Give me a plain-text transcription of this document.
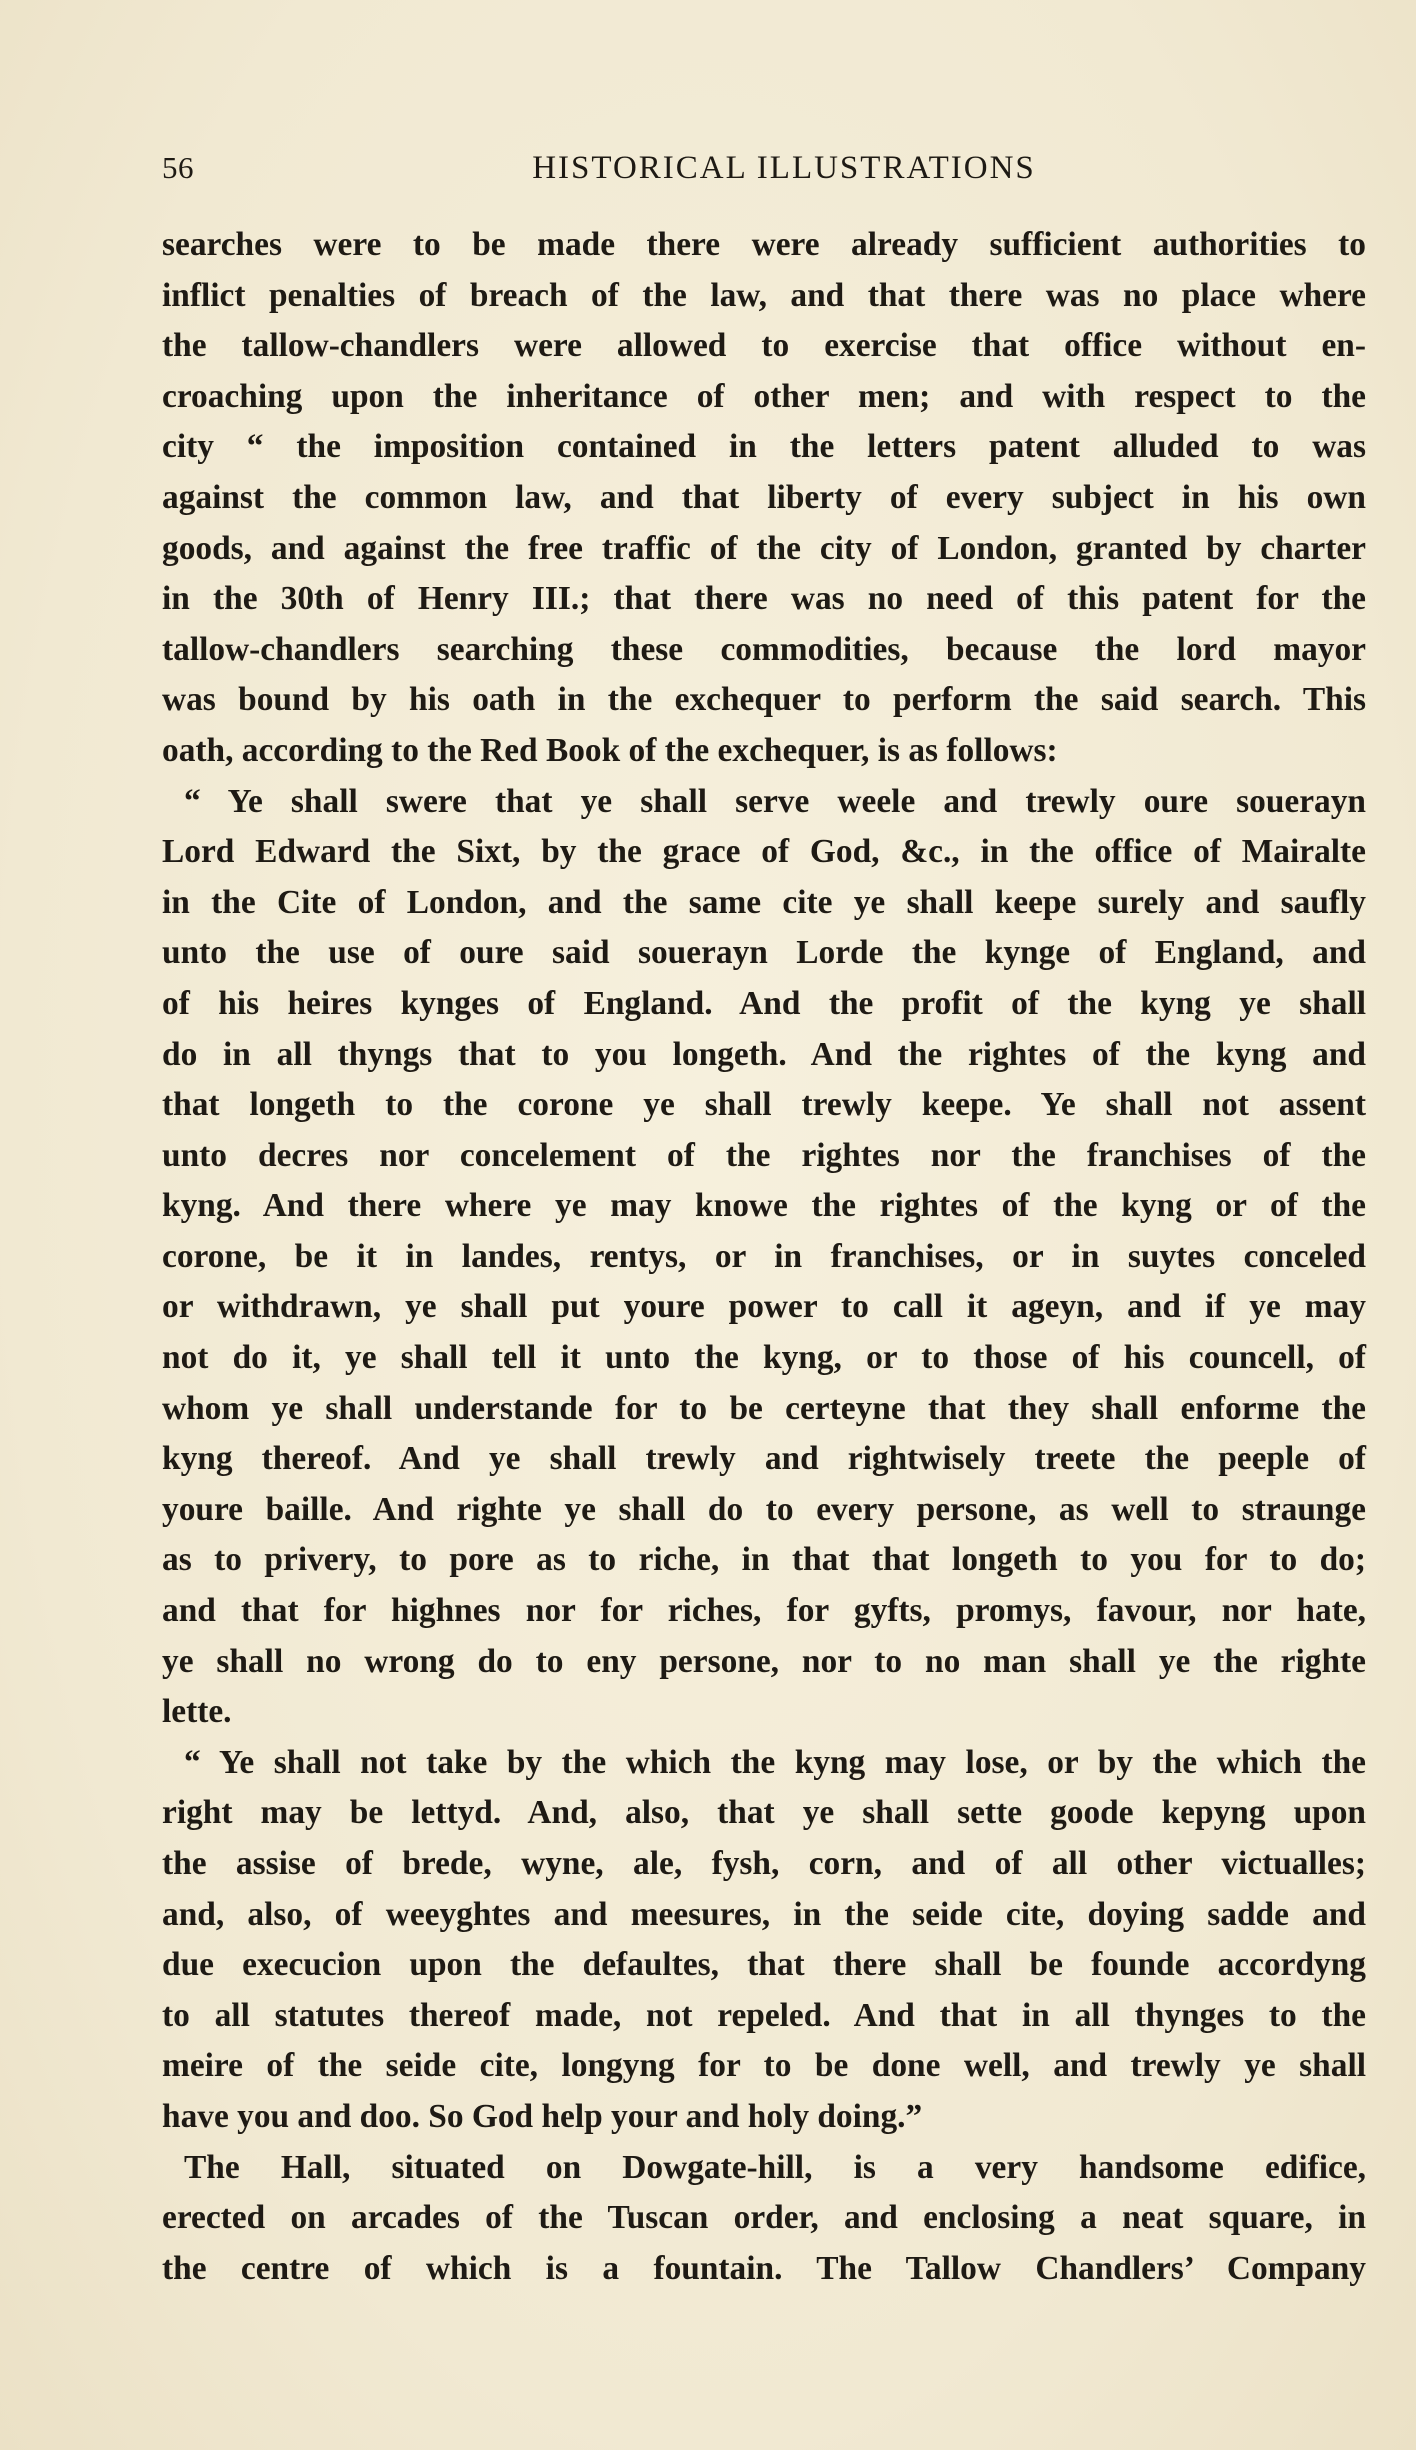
56	HISTORICAL ILLUSTRATIONS
searches were to be made there were already sufficient authorities to
inflict penalties of breach of the law, and that there was no place where
the tallow-chandlers were allowed to exercise that office without en-
croaching upon the inheritance of other men; and with respect to the
city “ the imposition contained in the letters patent alluded to was
against the common law, and that liberty of every subject in his own
goods, and against the free traffic of the city of London, granted by charter
in the 30th of Henry III.; that there was no need of this patent for the
tallow-chandlers searching these commodities, because the lord mayor
was bound by his oath in the exchequer to perform the said search. This
oath, according to the Red Book of the exchequer, is as follows:
“ Ye shall swere that ye shall serve weele and trewly oure souerayn
Lord Edward the Sixt, by the grace of God, &c., in the office of Mairalte
in the Cite of London, and the same cite ye shall keepe surely and saufly
unto the use of oure said souerayn Lorde the kynge of England, and
of his heires kynges of England. And the profit of the kyng ye shall
do in all thyngs that to you longeth. And the rightes of the kyng and
that longeth to the corone ye shall trewly keepe. Ye shall not assent
unto decres nor concelement of the rightes nor the franchises of the
kyng. And there where ye may knowe the rightes of the kyng or of the
corone, be it in landes, rentys, or in franchises, or in suytes conceled
or withdrawn, ye shall put youre power to call it ageyn, and if ye may
not do it, ye shall tell it unto the kyng, or to those of his councell, of
whom ye shall understande for to be certeyne that they shall enforme the
kyng thereof. And ye shall trewly and rightwisely treete the peeple of
youre baille. And righte ye shall do to every persone, as well to straunge
as to privery, to pore as to riche, in that that longeth to you for to do;
and that for highnes nor for riches, for gyfts, promys, favour, nor hate,
ye shall no wrong do to eny persone, nor to no man shall ye the righte
lette.
“ Ye shall not take by the which the kyng may lose, or by the which the
right may be lettyd. And, also, that ye shall sette goode kepyng upon
the assise of brede, wyne, ale, fysh, corn, and of all other victualles;
and, also, of weeyghtes and meesures, in the seide cite, doying sadde and
due execucion upon the defaultes, that there shall be founde accordyng
to all statutes thereof made, not repeled. And that in all thynges to the
meire of the seide cite, longyng for to be done well, and trewly ye shall
have you and doo. So God help your and holy doing.”
The Hall, situated on Dowgate-hill, is a very handsome edifice,
erected on arcades of the Tuscan order, and enclosing a neat square, in
the centre of which is a fountain. The Tallow Chandlers’ Company
